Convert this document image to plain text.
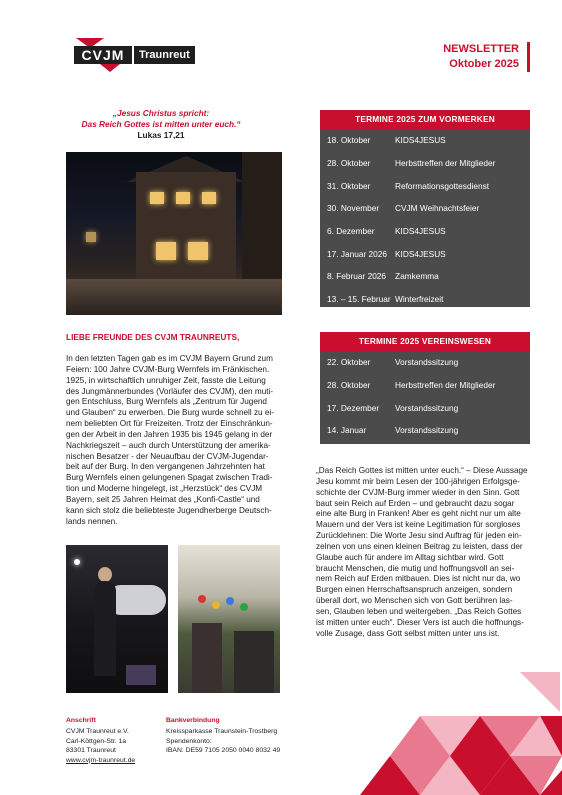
CVJM	Traunreut	NEWSLETTER
Oktober 2025
„Jesus Christus spricht:
Das Reich Gottes ist mitten unter euch.“
Lukas 17,21
TERMINE 2025 ZUM VORMERKEN
18. Oktober	KIDS4JESUS
28. Oktober	Herbsttreffen der Mitglieder
31. Oktober	Reformationsgottesdienst
30. November	CVJM Weihnachtsfeier
6. Dezember	KIDS4JESUS
17. Januar 2026 KIDS4JESUS
8. Februar 2026	Zamkemma
13. – 15. Februar Winterfreizeit
TERMINE 2025 VEREINSWESEN
22. Oktober	Vorstandssitzung
28. Oktober	Herbsttreffen der Mitglieder
17. Dezember	Vorstandssitzung
14. Januar	Vorstandssitzung
LIEBE FREUNDE DES CVJM TRAUNREUTS,
In den letzten Tagen gab es im CVJM Bayern Grund zum
Feiern: 100 Jahre CVJM-Burg Wernfels im Fränkischen.
1925, in wirtschaftlich unruhiger Zeit, fasste die Leitung
des Jungmännerbundes (Vorläufer des CVJM), den muti-
gen Entschluss, Burg Wernfels als „Zentrum für Jugend
und Glauben“ zu erwerben. Die Burg wurde schnell zu ei-
nem beliebten Ort für Freizeiten. Trotz der Einschränkun-
gen der Arbeit in den Jahren 1935 bis 1945 gelang in der
Nachkriegszeit – auch durch Unterstützung der amerika-
nischen Besatzer - der Neuaufbau der CVJM-Jugendar-
beit auf der Burg. In den vergangenen Jahrzehnten hat
Burg Wernfels einen gelungenen Spagat zwischen Tradi-
tion und Moderne hingelegt, ist „Herzstück“ des CVJM
Bayern, seit 25 Jahren Heimat des „Konfi-Castle“ und
kann sich stolz die beliebteste Jugendherberge Deutsch-
lands nennen.
„Das Reich Gottes ist mitten unter euch.“ – Diese Aussage
Jesu kommt mir beim Lesen der 100-jährigen Erfolgsge-
schichte der CVJM-Burg immer wieder in den Sinn. Gott
baut sein Reich auf Erden – und gebraucht dazu sogar
eine alte Burg in Franken! Aber es geht nicht nur um alte
Mauern und der Vers ist keine Legitimation für sorgloses
Zurücklehnen: Die Worte Jesu sind Auftrag für jeden ein-
zelnen von uns einen kleinen Beitrag zu leisten, dass der
Glaube auch für andere im Alltag sichtbar wird. Gott
braucht Menschen, die mutig und hoffnungsvoll an sei-
nem Reich auf Erden mitbauen. Dies ist nicht nur da, wo
Burgen einen Herrschaftsanspruch anzeigen, sondern
überall dort, wo Menschen sich von Gott berühren las-
sen, Glauben leben und weitergeben. „Das Reich Gottes
ist mitten unter euch“. Dieser Vers ist auch die hoffnungs-
volle Zusage, dass Gott selbst mitten unter uns ist.
Anschrift
CVJM Traunreut e.V.
Carl-Köttgen-Str. 1a
83301 Traunreut
www.cvjm-traunreut.de
Bankverbindung
Kreissparkasse Traunstein-Trostberg
Spendenkonto:
IBAN: DE59 7105 2050 0040 8032 49
